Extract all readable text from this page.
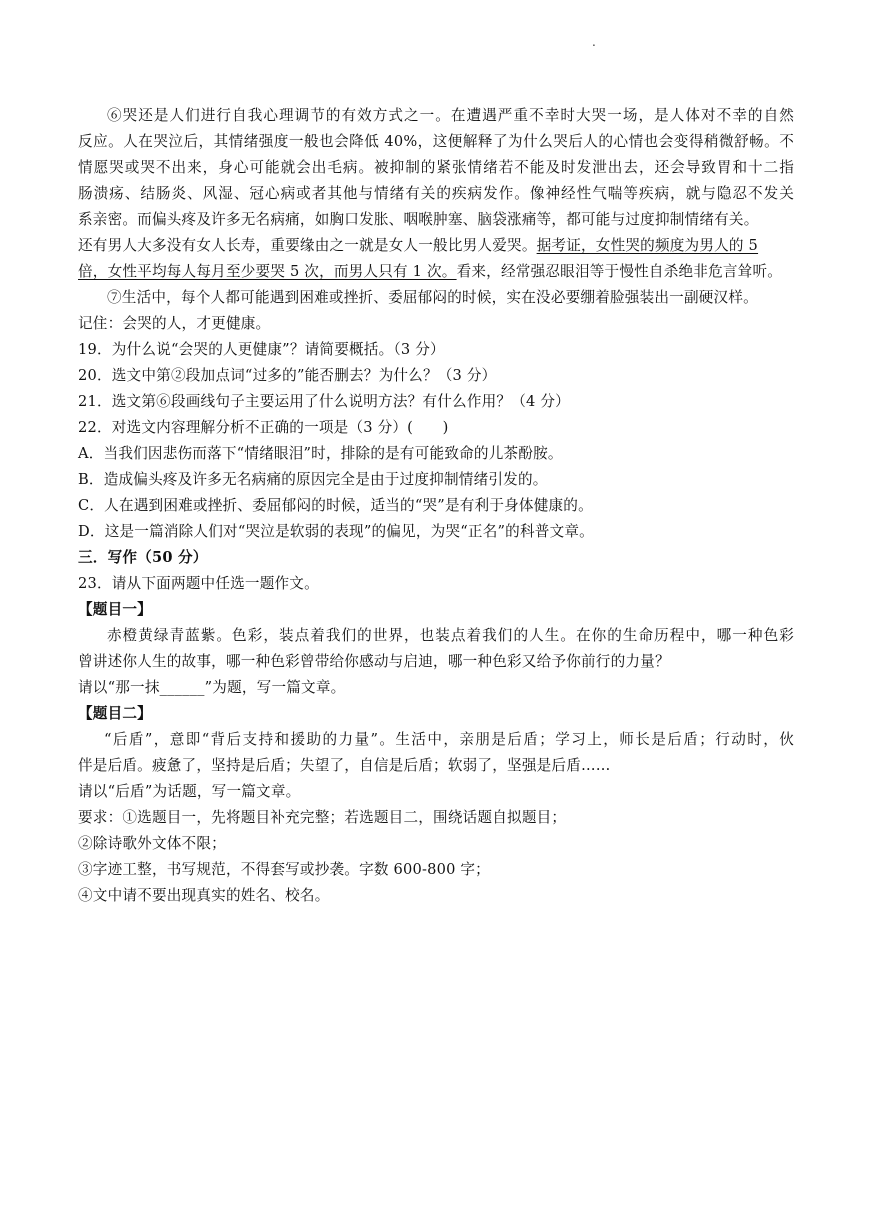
.
⑥哭还是人们进行自我心理调节的有效方式之一。在遭遇严重不幸时大哭一场，是人体对不幸的自然
反应。人在哭泣后，其情绪强度一般也会降低 40%，这便解释了为什么哭后人的心情也会变得稍微舒畅。不
情愿哭或哭不出来，身心可能就会出毛病。被抑制的紧张情绪若不能及时发泄出去，还会导致胃和十二指
肠溃疡、结肠炎、风湿、冠心病或者其他与情绪有关的疾病发作。像神经性气喘等疾病，就与隐忍不发关
系亲密。而偏头疼及许多无名病痛，如胸口发胀、咽喉肿塞、脑袋涨痛等，都可能与过度抑制情绪有关。
还有男人大多没有女人长寿，重要缘由之一就是女人一般比男人爱哭。据考证，女性哭的频度为男人的 5
倍，女性平均每人每月至少要哭 5 次，而男人只有 1 次。看来，经常强忍眼泪等于慢性自杀绝非危言耸听。
⑦生活中，每个人都可能遇到困难或挫折、委屈郁闷的时候，实在没必要绷着脸强装出一副硬汉样。
记住：会哭的人，才更健康。
19．为什么说“会哭的人更健康”？请简要概括。（3 分）
20．选文中第②段加点词“过多的”能否删去？为什么？（3 分）
21．选文第⑥段画线句子主要运用了什么说明方法？有什么作用？（4 分）
22．对选文内容理解分析不正确的一项是（3 分）(　　)
A．当我们因悲伤而落下“情绪眼泪”时，排除的是有可能致命的儿茶酚胺。
B．造成偏头疼及许多无名病痛的原因完全是由于过度抑制情绪引发的。
C．人在遇到困难或挫折、委屈郁闷的时候，适当的“哭”是有利于身体健康的。
D．这是一篇消除人们对“哭泣是软弱的表现”的偏见，为哭“正名”的科普文章。
三．写作（50 分）
23．请从下面两题中任选一题作文。
【题目一】
赤橙黄绿青蓝紫。色彩，装点着我们的世界，也装点着我们的人生。在你的生命历程中，哪一种色彩
曾讲述你人生的故事，哪一种色彩曾带给你感动与启迪，哪一种色彩又给予你前行的力量？
请以“那一抹______”为题，写一篇文章。
【题目二】
“后盾”，意即“背后支持和援助的力量”。生活中，亲朋是后盾；学习上，师长是后盾；行动时，伙
伴是后盾。疲惫了，坚持是后盾；失望了，自信是后盾；软弱了，坚强是后盾……
请以“后盾”为话题，写一篇文章。
要求：①选题目一，先将题目补充完整；若选题目二，围绕话题自拟题目；
②除诗歌外文体不限；
③字迹工整，书写规范，不得套写或抄袭。字数 600-800 字；
④文中请不要出现真实的姓名、校名。
